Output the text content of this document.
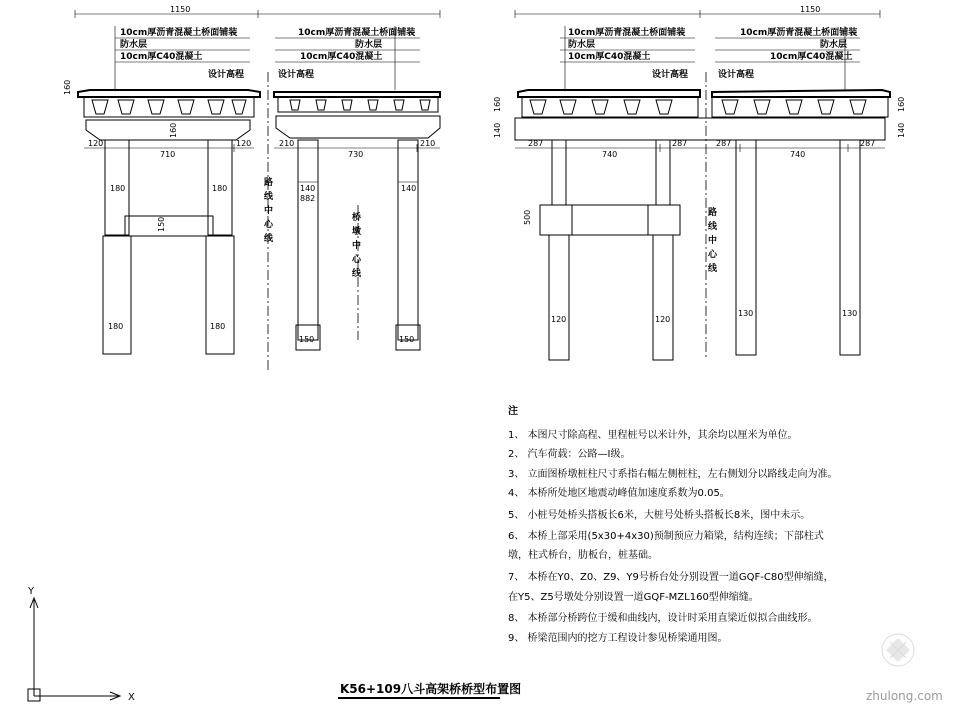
1150
10cm厚沥青混凝土桥面铺装
防水层
10cm厚C40混凝土
设计高程
10cm厚沥青混凝土桥面铺装
防水层
10cm厚C40混凝土
设计高程
160
160
120
710
120
180	180
150
180	180
路
线
中
心
线
210
730
210
140	140
882
150	150
桥
墩
中
心
线
1150
10cm厚沥青混凝土桥面铺装
防水层
10cm厚C40混凝土
设计高程
10cm厚沥青混凝土桥面铺装
防水层
10cm厚C40混凝土
设计高程
160
140
160
140
287
740
287	287
740
287
500
120	120
130	130
路
线
中
心
线
注
1、 本图尺寸除高程、里程桩号以米计外，其余均以厘米为单位。
2、 汽车荷载：公路—Ⅰ级。
3、 立面图桥墩桩柱尺寸系指右幅左侧桩柱，左右侧划分以路线走向为准。
4、 本桥所处地区地震动峰值加速度系数为0.05。
5、 小桩号处桥头搭板长6米，大桩号处桥头搭板长8米，图中未示。
6、 本桥上部采用(5x30+4x30)预制预应力箱梁，结构连续；下部柱式
墩，柱式桥台，肋板台，桩基础。
7、 本桥在Y0、Z0、Z9、Y9号桥台处分别设置一道GQF-C80型伸缩缝，
在Y5、Z5号墩处分别设置一道GQF-MZL160型伸缩缝。
8、 本桥部分桥跨位于缓和曲线内，设计时采用直梁近似拟合曲线形。
9、 桥梁范围内的挖方工程设计参见桥梁通用图。
K56+109八斗高架桥桥型布置图
Y
X	zhulong.com
